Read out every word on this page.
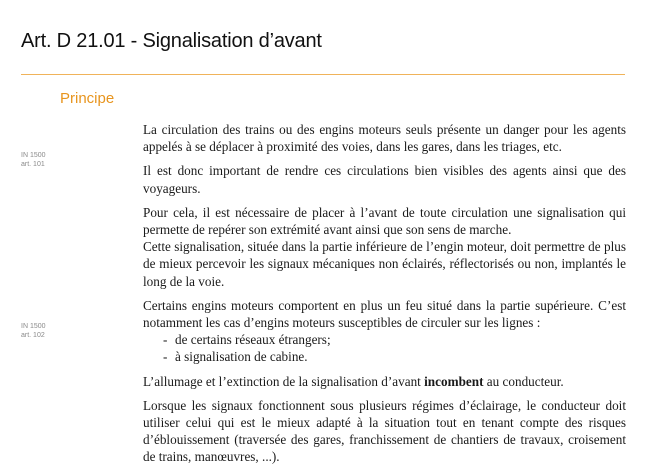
Art. D 21.01 - Signalisation d’avant
Principe
IN 1500
art. 101
IN 1500
art. 102

La circulation des trains ou des engins moteurs seuls présente un danger pour les agents appelés à se déplacer à proximité des voies, dans les gares, dans les triages, etc.

Il est donc important de rendre ces circulations bien visibles des agents ainsi que des voyageurs.

Pour cela, il est nécessaire de placer à l’avant de toute circulation une signalisation qui permette de repérer son extrémité avant ainsi que son sens de marche.

Cette signalisation, située dans la partie inférieure de l’engin moteur, doit permettre de plus de mieux percevoir les signaux mécaniques non éclairés, réflectorisés ou non, implantés le long de la voie.

Certains engins moteurs comportent en plus un feu situé dans la partie supérieure. C’est notamment les cas d’engins moteurs susceptibles de circuler sur les lignes :

- de certains réseaux étrangers;
- à signalisation de cabine.

L’allumage et l’extinction de la signalisation d’avant incombent au conducteur.

Lorsque les signaux fonctionnent sous plusieurs régimes d’éclairage, le conducteur doit utiliser celui qui est le mieux adapté à la situation tout en tenant compte des risques d’éblouissement (traversée des gares, franchissement de chantiers de travaux, croisement de trains, manœuvres, ...).
